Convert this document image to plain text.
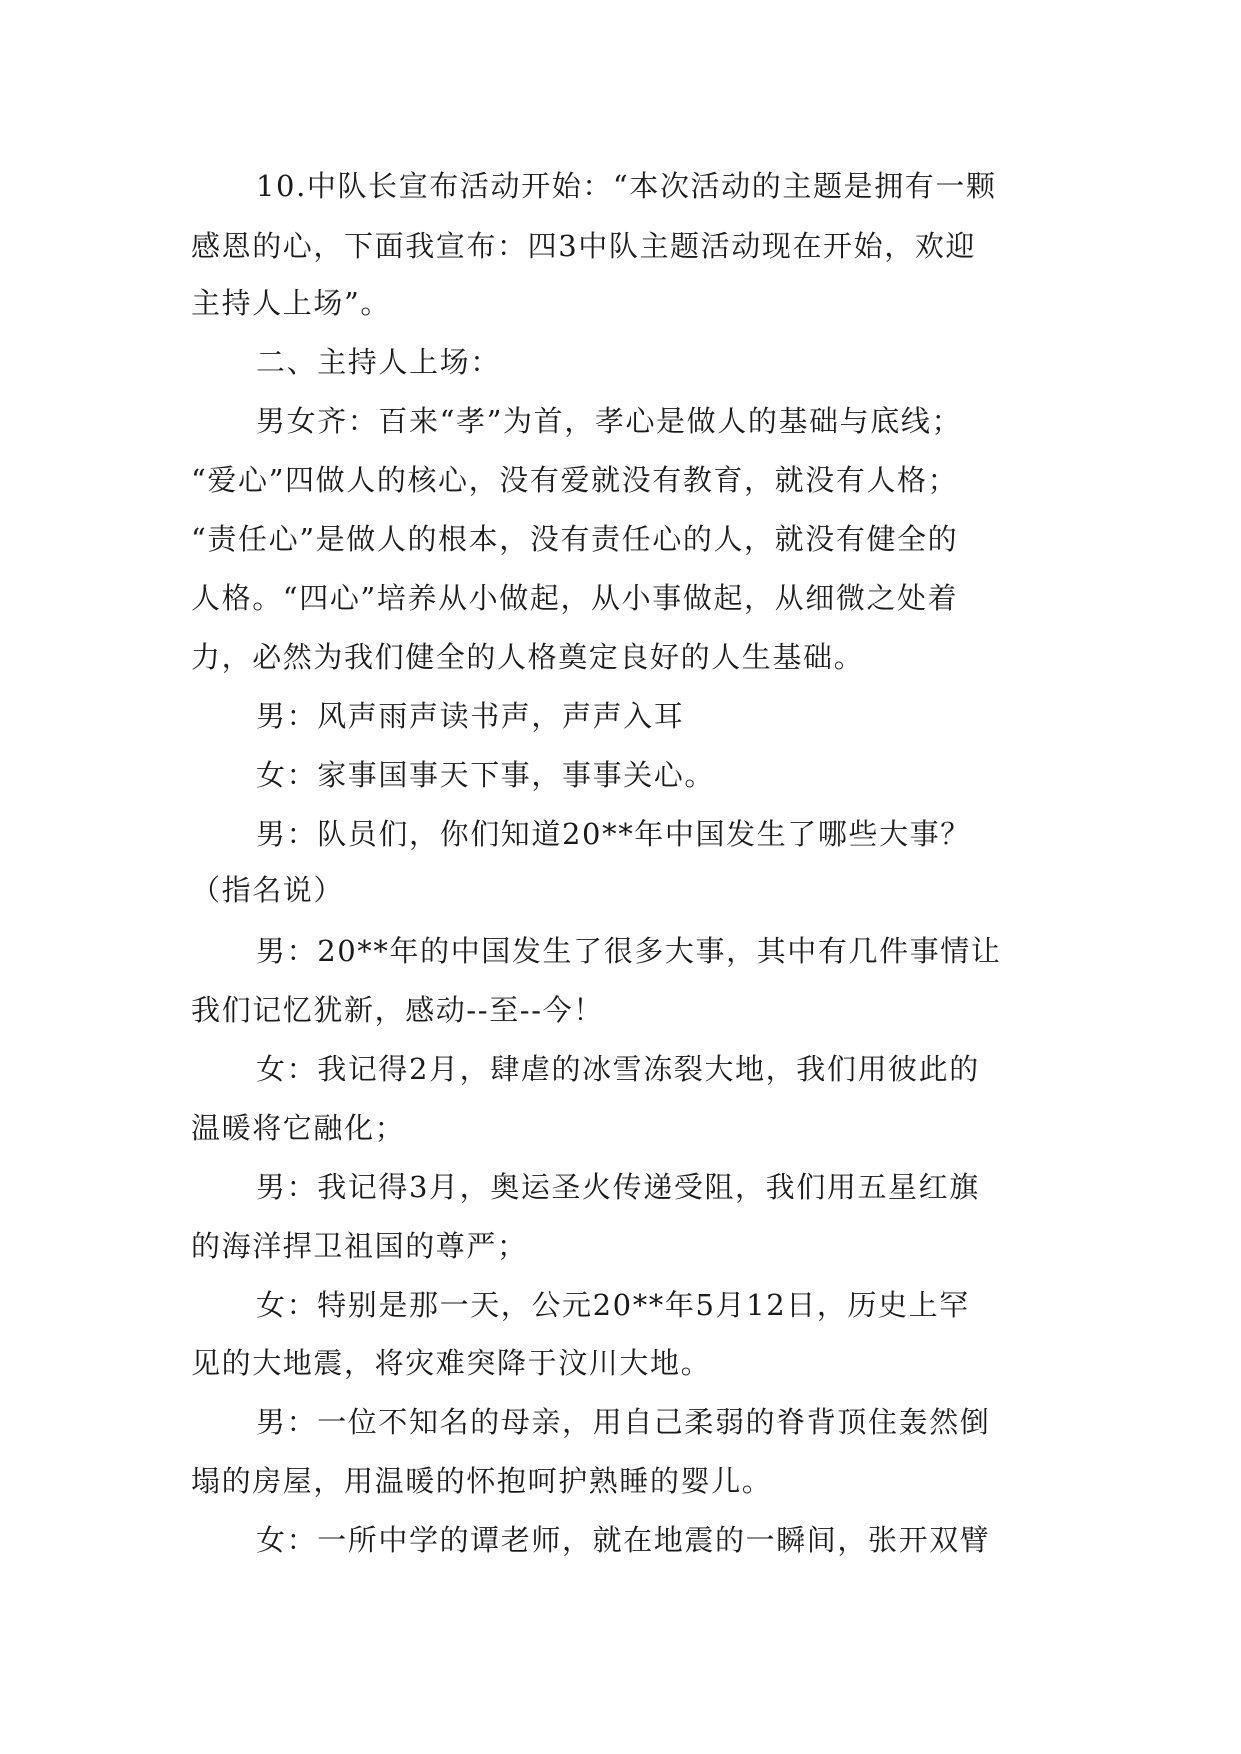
10.中队长宣布活动开始：“本次活动的主题是拥有一颗
感恩的心，下面我宣布：四3中队主题活动现在开始，欢迎
主持人上场”。
二、主持人上场：
男女齐：百来“孝”为首，孝心是做人的基础与底线；
“爱心”四做人的核心，没有爱就没有教育，就没有人格；
“责任心”是做人的根本，没有责任心的人，就没有健全的
人格。“四心”培养从小做起，从小事做起，从细微之处着
力，必然为我们健全的人格奠定良好的人生基础。
男：风声雨声读书声，声声入耳
女：家事国事天下事，事事关心。
男：队员们，你们知道20**年中国发生了哪些大事？
（指名说）
男：20**年的中国发生了很多大事，其中有几件事情让
我们记忆犹新，感动--至--今！
女：我记得2月，肆虐的冰雪冻裂大地，我们用彼此的
温暖将它融化；
男：我记得3月，奥运圣火传递受阻，我们用五星红旗
的海洋捍卫祖国的尊严；
女：特别是那一天，公元20**年5月12日，历史上罕
见的大地震，将灾难突降于汶川大地。
男：一位不知名的母亲，用自己柔弱的脊背顶住轰然倒
塌的房屋，用温暖的怀抱呵护熟睡的婴儿。
女：一所中学的谭老师，就在地震的一瞬间，张开双臂
